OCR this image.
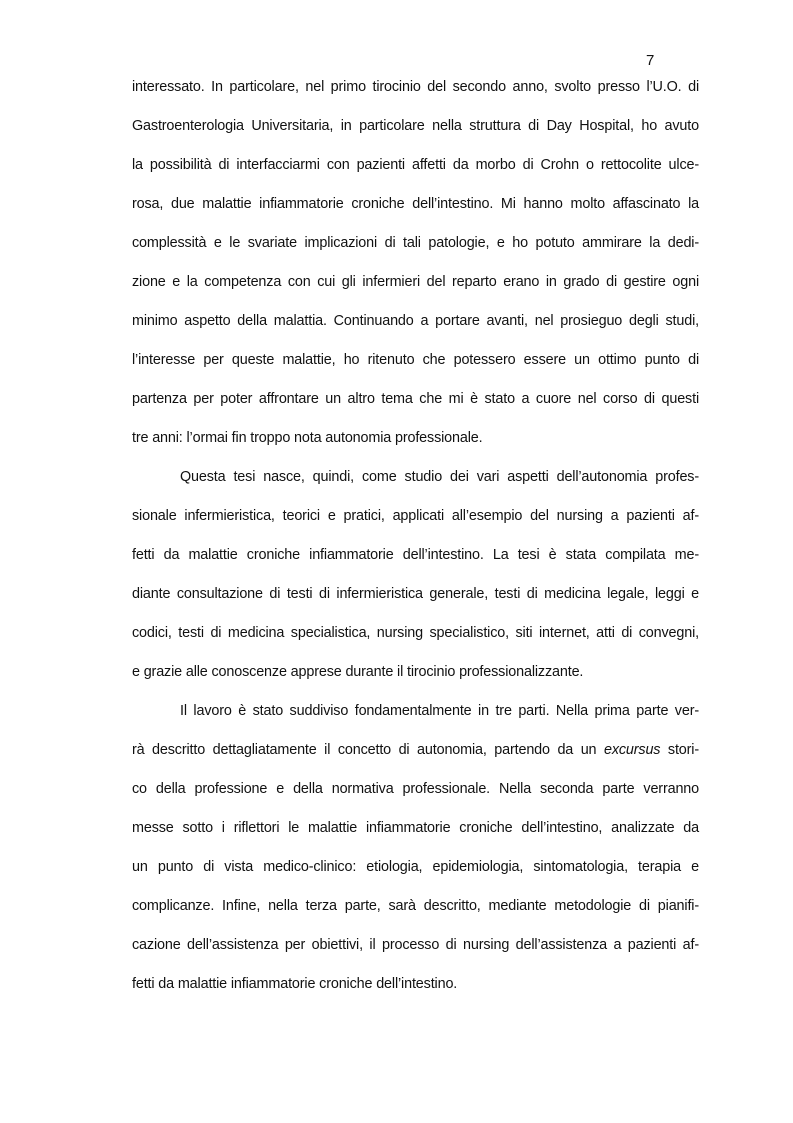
7
interessato. In particolare, nel primo tirocinio del secondo anno, svolto presso l’U.O. di
Gastroenterologia Universitaria, in particolare nella struttura di Day Hospital, ho avuto
la possibilità di interfacciarmi con pazienti affetti da morbo di Crohn o rettocolite ulce-
rosa, due malattie infiammatorie croniche dell’intestino. Mi hanno molto affascinato la
complessità e le svariate implicazioni di tali patologie, e ho potuto ammirare la dedi-
zione e la competenza con cui gli infermieri del reparto erano in grado di gestire ogni
minimo aspetto della malattia. Continuando a portare avanti, nel prosieguo degli studi,
l’interesse per queste malattie, ho ritenuto che potessero essere un ottimo punto di
partenza per poter affrontare un altro tema che mi è stato a cuore nel corso di questi
tre anni: l’ormai fin troppo nota autonomia professionale.
Questa tesi nasce, quindi, come studio dei vari aspetti dell’autonomia profes-
sionale infermieristica, teorici e pratici, applicati all’esempio del nursing a pazienti af-
fetti da malattie croniche infiammatorie dell’intestino. La tesi è stata compilata me-
diante consultazione di testi di infermieristica generale, testi di medicina legale, leggi e
codici, testi di medicina specialistica, nursing specialistico, siti internet, atti di convegni,
e grazie alle conoscenze apprese durante il tirocinio professionalizzante.
Il lavoro è stato suddiviso fondamentalmente in tre parti. Nella prima parte ver-
rà descritto dettagliatamente il concetto di autonomia, partendo da un excursus stori-
co della professione e della normativa professionale. Nella seconda parte verranno
messe sotto i riflettori le malattie infiammatorie croniche dell’intestino, analizzate da
un punto di vista medico-clinico: etiologia, epidemiologia, sintomatologia, terapia e
complicanze. Infine, nella terza parte, sarà descritto, mediante metodologie di pianifi-
cazione dell’assistenza per obiettivi, il processo di nursing dell’assistenza a pazienti af-
fetti da malattie infiammatorie croniche dell’intestino.
